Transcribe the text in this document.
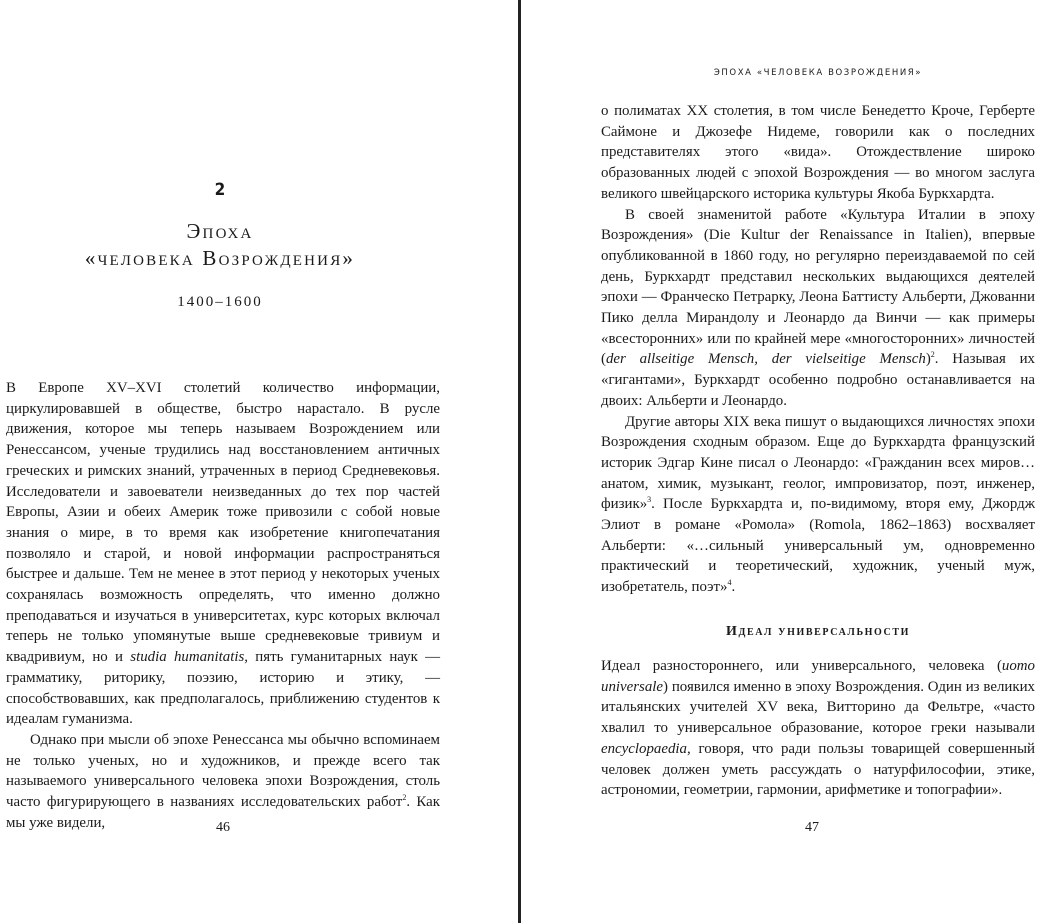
2
Эпоха
«человека Возрождения»
1400–1600

В Европе XV–XVI столетий количество информации, циркулировавшей в обществе, быстро нарастало. В русле движения, которое мы теперь называем Возрождением или Ренессансом, ученые трудились над восстановлением античных греческих и римских знаний, утраченных в период Средневековья. Исследователи и завоеватели неизведанных до тех пор частей Европы, Азии и обеих Америк тоже привозили с собой новые знания о мире, в то время как изобретение книгопечатания позволяло и старой, и новой информации распространяться быстрее и дальше. Тем не менее в этот период у некоторых ученых сохранялась возможность определять, что именно должно преподаваться и изучаться в университетах, курс которых включал теперь не только упомянутые выше средневековые тривиум и квадривиум, но и studia humanitatis, пять гуманитарных наук — грамматику, риторику, поэзию, историю и этику, — способствовавших, как предполагалось, приближению студентов к идеалам гуманизма.

Однако при мысли об эпохе Ренессанса мы обычно вспоминаем не только ученых, но и художников, и прежде всего так называемого универсального человека эпохи Возрождения, столь часто фигурирующего в названиях исследовательских работ$^2$. Как мы уже видели,	46
ЭПОХА «ЧЕЛОВЕКА ВОЗРОЖДЕНИЯ»

о полиматах XX столетия, в том числе Бенедетто Кроче, Герберте Саймоне и Джозефе Нидеме, говорили как о последних представителях этого «вида». Отождествление широко образованных людей с эпохой Возрождения — во многом заслуга великого швейцарского историка культуры Якоба Буркхардта.

В своей знаменитой работе «Культура Италии в эпоху Возрождения» (Die Kultur der Renaissance in Italien), впервые опубликованной в 1860 году, но регулярно переиздаваемой по сей день, Буркхардт представил нескольких выдающихся деятелей эпохи — Франческо Петрарку, Леона Баттисту Альберти, Джованни Пико делла Мирандолу и Леонардо да Винчи — как примеры «всесторонних» или по крайней мере «многосторонних» личностей (der allseitige Mensch, der vielseitige Mensch)$^2$. Называя их «гигантами», Буркхардт особенно подробно останавливается на двоих: Альберти и Леонардо.

Другие авторы XIX века пишут о выдающихся личностях эпохи Возрождения сходным образом. Еще до Буркхардта французский историк Эдгар Кине писал о Леонардо: «Гражданин всех миров… анатом, химик, музыкант, геолог, импровизатор, поэт, инженер, физик»$^3$. После Буркхардта и, по-видимому, вторя ему, Джордж Элиот в романе «Ромола» (Romola, 1862–1863) восхваляет Альберти: «…сильный универсальный ум, одновременно практический и теоретический, художник, ученый муж, изобретатель, поэт»$^4$.

Идеал универсальности

Идеал разностороннего, или универсального, человека (uomo universale) появился именно в эпоху Возрождения. Один из великих итальянских учителей XV века, Витторино да Фельтре, «часто хвалил то универсальное образование, которое греки называли encyclopaedia, говоря, что ради пользы товарищей совершенный человек должен уметь рассуждать о натурфилософии, этике, астрономии, геометрии, гармонии, арифметике и топографии».

47
